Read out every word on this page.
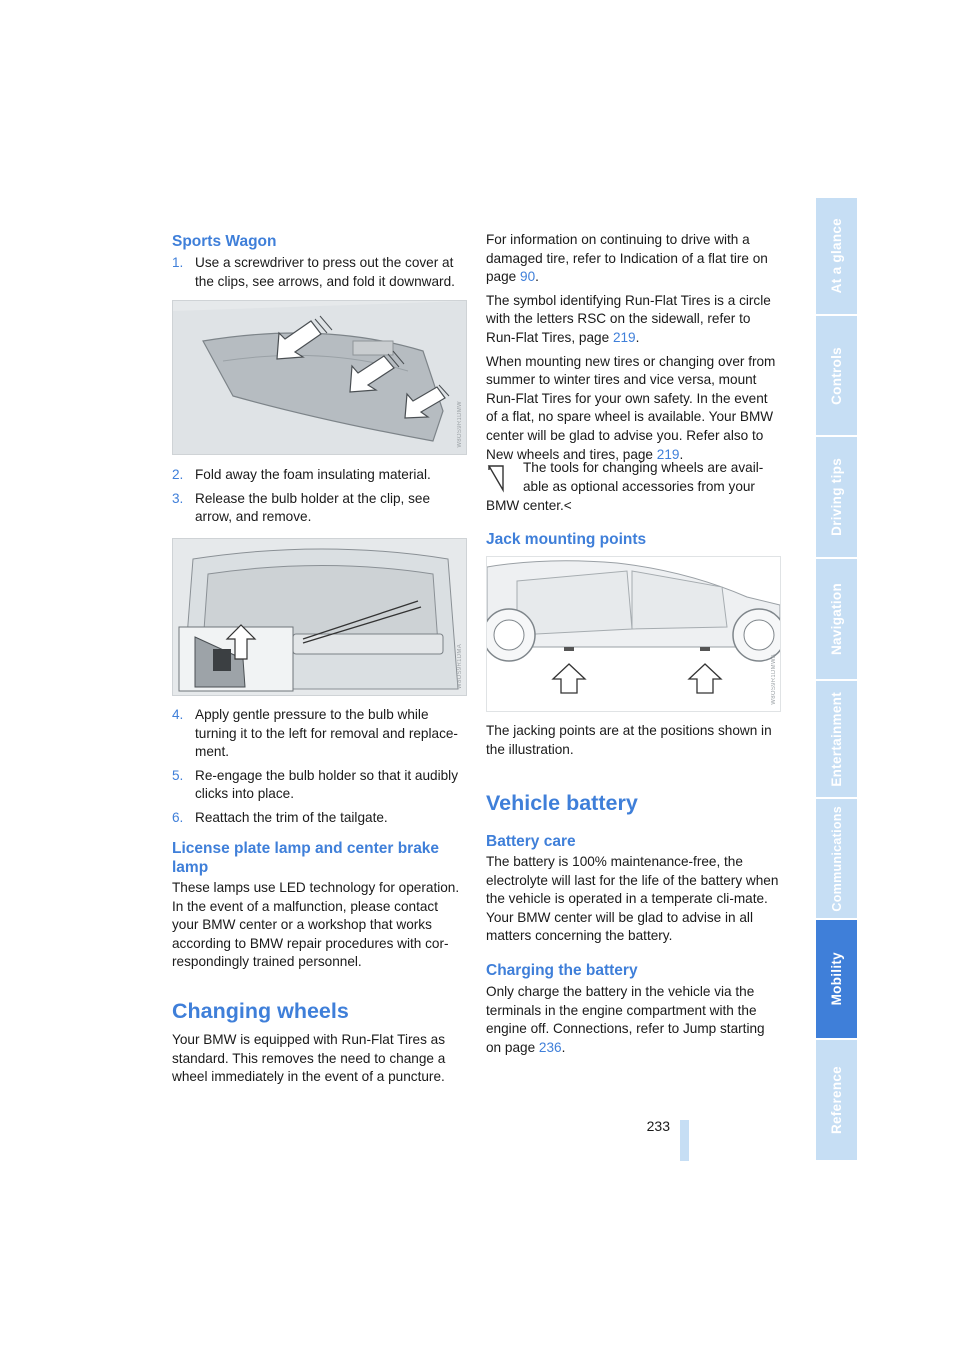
Sports Wagon
1. Use a screwdriver to press out the cover at the clips, see arrows, and fold it downward.
W8OS9R1DMW
2. Fold away the foam insulating material.
3. Release the bulb holder at the clip, see arrow, and remove.
W8OS9R1DMA
4. Apply gentle pressure to the bulb while turning it to the left for removal and replace-ment.
5. Re-engage the bulb holder so that it audibly clicks into place.
6. Reattach the trim of the tailgate.
License plate lamp and center brake
lamp
These lamps use LED technology for operation. In the event of a malfunction, please contact your BMW center or a workshop that works according to BMW repair procedures with cor-respondingly trained personnel.
Changing wheels
Your BMW is equipped with Run-Flat Tires as standard. This removes the need to change a wheel immediately in the event of a puncture.

For information on continuing to drive with a damaged tire, refer to Indication of a flat tire on page 90.

The symbol identifying Run-Flat Tires is a circle with the letters RSC on the sidewall, refer to Run-Flat Tires, page 219.

When mounting new tires or changing over from summer to winter tires and vice versa, mount Run-Flat Tires for your own safety. In the event of a flat, no spare wheel is available. Your BMW center will be glad to advise you. Refer also to New wheels and tires, page 219.

The tools for changing wheels are avail-
able as optional accessories from your
BMW center.<
Jack mounting points
W8OS9R1DMWA
The jacking points are at the positions shown in the illustration.
Vehicle battery
Battery care
The battery is 100% maintenance-free, the electrolyte will last for the life of the battery when the vehicle is operated in a temperate cli-mate. Your BMW center will be glad to advise in all matters concerning the battery.
Charging the battery
Only charge the battery in the vehicle via the terminals in the engine compartment with the engine off. Connections, refer to Jump starting on page 236.
At a glance
Controls
Driving tips
Navigation
Entertainment
Communications
Mobility
Reference
233
